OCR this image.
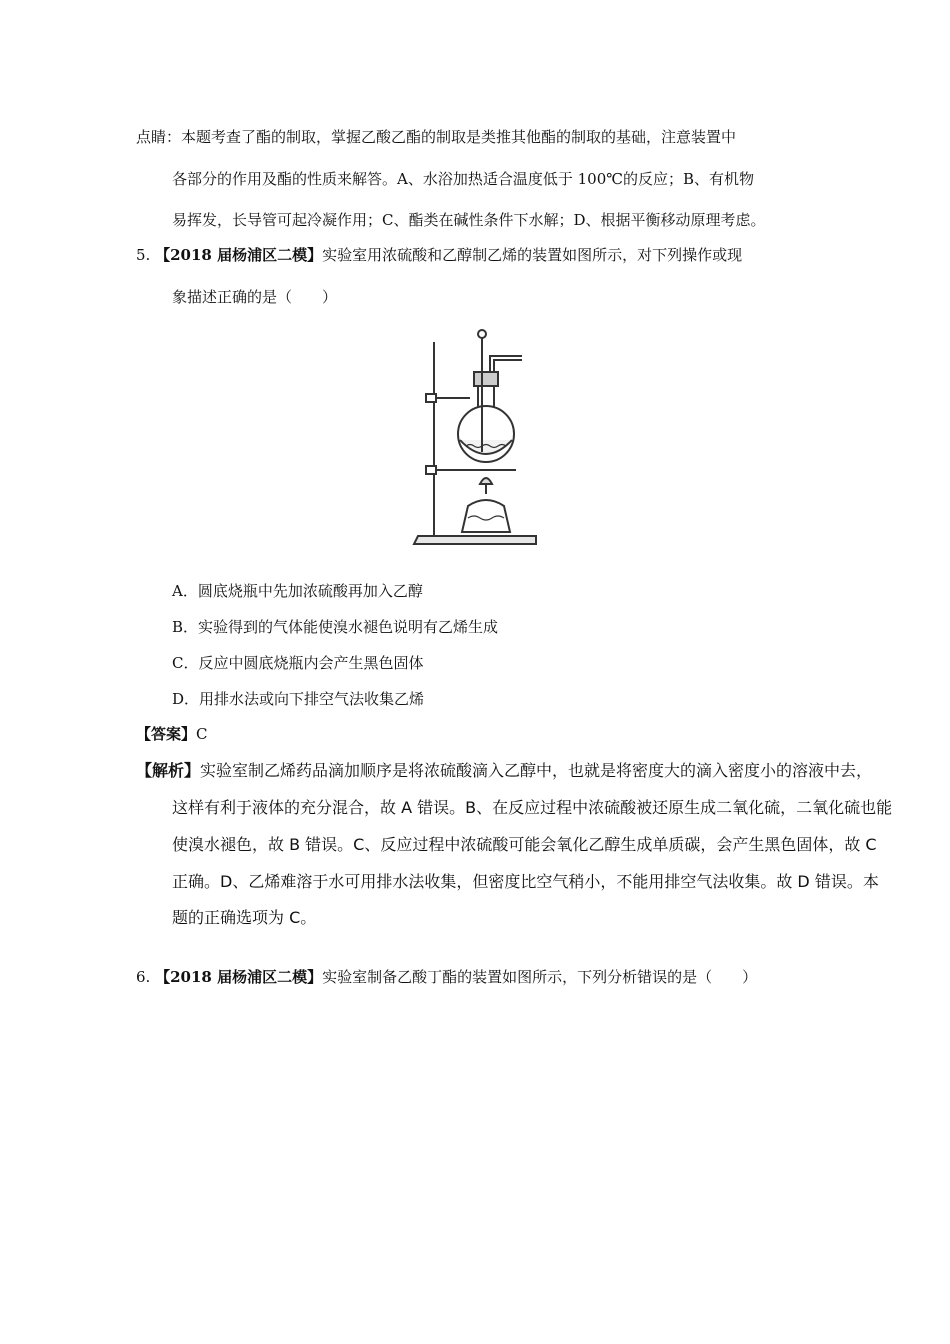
点睛：本题考查了酯的制取，掌握乙酸乙酯的制取是类推其他酯的制取的基础，注意装置中
各部分的作用及酯的性质来解答。A、水浴加热适合温度低于 100℃的反应；B、有机物
易挥发，长导管可起冷凝作用；C、酯类在碱性条件下水解；D、根据平衡移动原理考虑。
5. 【2018 届杨浦区二模】实验室用浓硫酸和乙醇制乙烯的装置如图所示，对下列操作或现
象描述正确的是（　　）
A．圆底烧瓶中先加浓硫酸再加入乙醇
B．实验得到的气体能使溴水褪色说明有乙烯生成
C．反应中圆底烧瓶内会产生黑色固体
D．用排水法或向下排空气法收集乙烯
【答案】C
【解析】实验室制乙烯药品滴加顺序是将浓硫酸滴入乙醇中，也就是将密度大的滴入密度小的溶液中去，
这样有利于液体的充分混合，故 A 错误。B、在反应过程中浓硫酸被还原生成二氧化硫，二氧化硫也能
使溴水褪色，故 B 错误。C、反应过程中浓硫酸可能会氧化乙醇生成单质碳，会产生黑色固体，故 C
正确。D、乙烯难溶于水可用排水法收集，但密度比空气稍小，不能用排空气法收集。故 D 错误。本
题的正确选项为 C。
6. 【2018 届杨浦区二模】实验室制备乙酸丁酯的装置如图所示，下列分析错误的是（　　）
